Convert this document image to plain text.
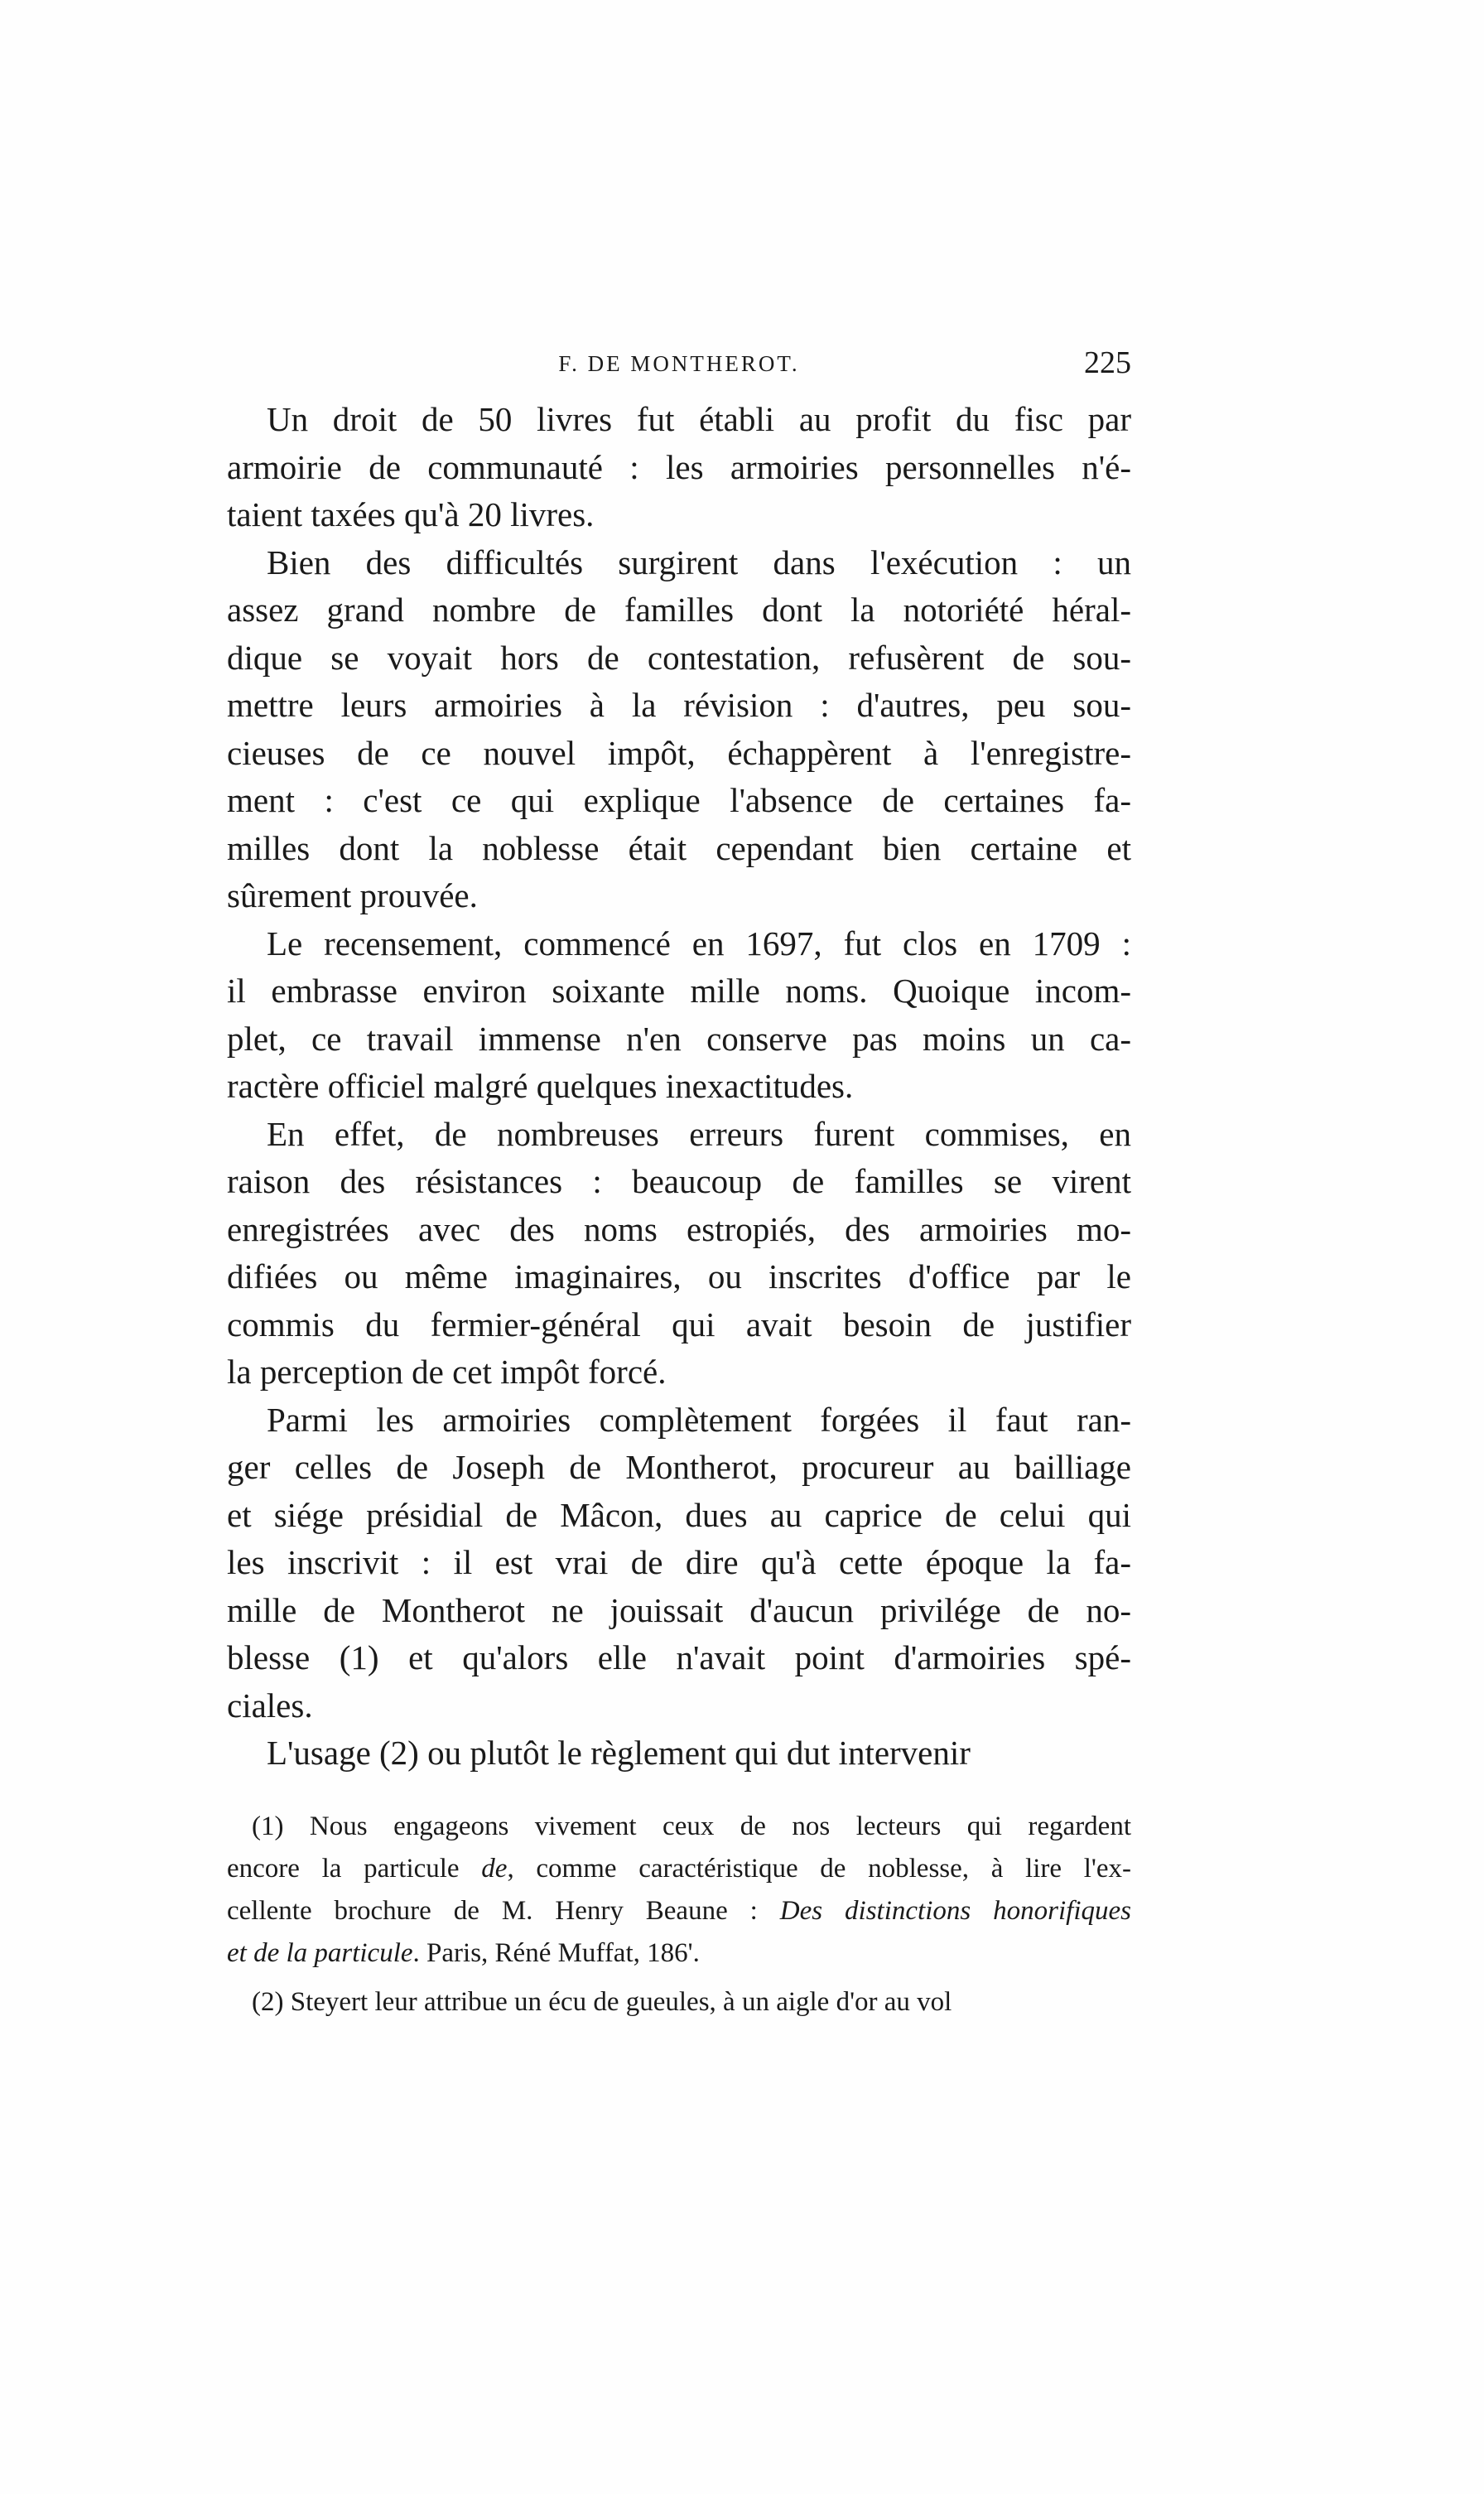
F. DE MONTHEROT.	225
Un droit de 50 livres fut établi au profit du fisc par
armoirie de communauté : les armoiries personnelles n'é-
taient taxées qu'à 20 livres.
Bien des difficultés surgirent dans l'exécution : un
assez grand nombre de familles dont la notoriété héral-
dique se voyait hors de contestation, refusèrent de sou-
mettre leurs armoiries à la révision : d'autres, peu sou-
cieuses de ce nouvel impôt, échappèrent à l'enregistre-
ment : c'est ce qui explique l'absence de certaines fa-
milles dont la noblesse était cependant bien certaine et
sûrement prouvée.
Le recensement, commencé en 1697, fut clos en 1709 :
il embrasse environ soixante mille noms. Quoique incom-
plet, ce travail immense n'en conserve pas moins un ca-
ractère officiel malgré quelques inexactitudes.
En effet, de nombreuses erreurs furent commises, en
raison des résistances : beaucoup de familles se virent
enregistrées avec des noms estropiés, des armoiries mo-
difiées ou même imaginaires, ou inscrites d'office par le
commis du fermier-général qui avait besoin de justifier
la perception de cet impôt forcé.
Parmi les armoiries complètement forgées il faut ran-
ger celles de Joseph de Montherot, procureur au bailliage
et siége présidial de Mâcon, dues au caprice de celui qui
les inscrivit : il est vrai de dire qu'à cette époque la fa-
mille de Montherot ne jouissait d'aucun privilége de no-
blesse (1) et qu'alors elle n'avait point d'armoiries spé-
ciales.
L'usage (2) ou plutôt le règlement qui dut intervenir
(1) Nous engageons vivement ceux de nos lecteurs qui regardent
encore la particule de, comme caractéristique de noblesse, à lire l'ex-
cellente brochure de M. Henry Beaune : Des distinctions honorifiques
et de la particule. Paris, Réné Muffat, 186'.
(2) Steyert leur attribue un écu de gueules, à un aigle d'or au vol
